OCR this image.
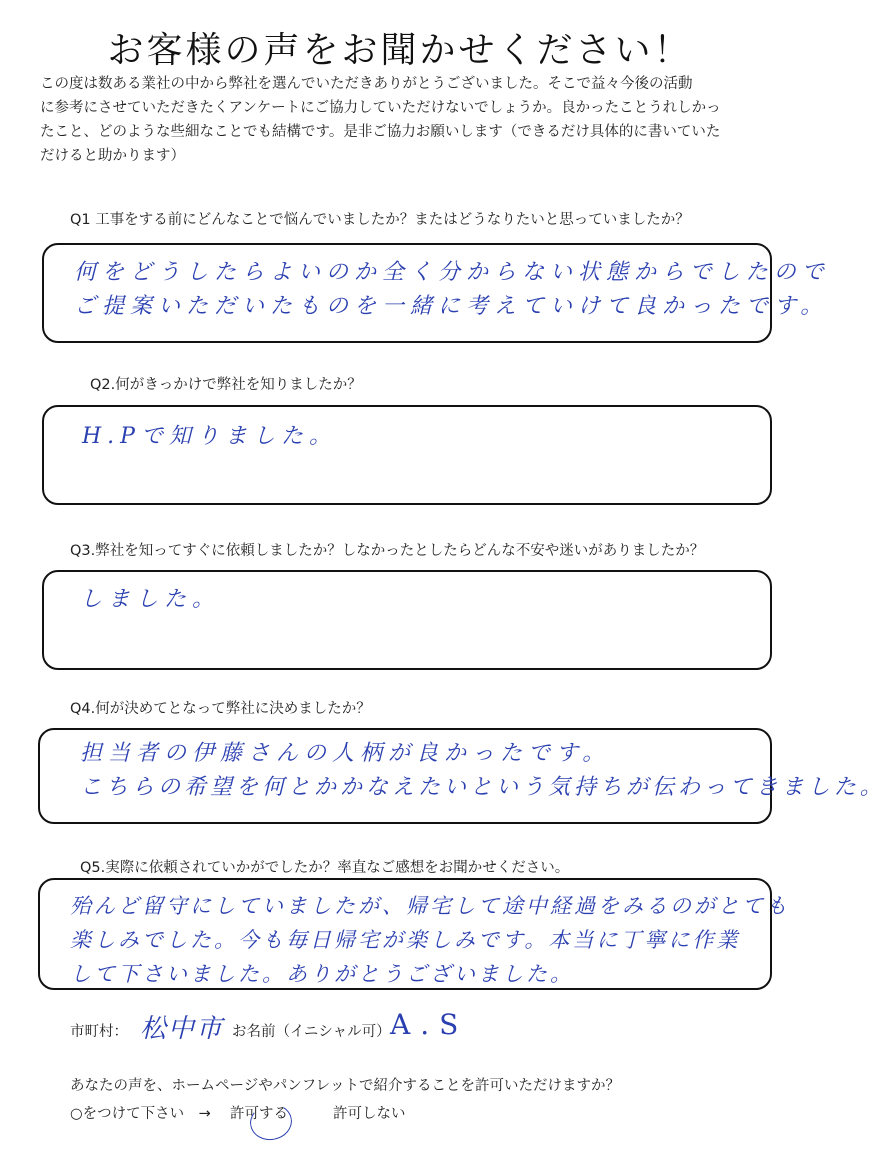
お客様の声をお聞かせください！
この度は数ある業社の中から弊社を選んでいただきありがとうございました。そこで益々今後の活動
に参考にさせていただきたくアンケートにご協力していただけないでしょうか。良かったことうれしかっ
たこと、どのような些細なことでも結構です。是非ご協力お願いします（できるだけ具体的に書いていた
だけると助かります）
Q1 工事をする前にどんなことで悩んでいましたか？またはどうなりたいと思っていましたか？
何をどうしたらよいのか全く分からない状態からでしたので
ご提案いただいたものを一緒に考えていけて良かったです。
Q2.何がきっかけで弊社を知りましたか？
H.Pで知りました。
Q3.弊社を知ってすぐに依頼しましたか？しなかったとしたらどんな不安や迷いがありましたか？
しました。
Q4.何が決めてとなって弊社に決めましたか？
担当者の伊藤さんの人柄が良かったです。
こちらの希望を何とかかなえたいという気持ちが伝わってきました。
Q5.実際に依頼されていかがでしたか？率直なご感想をお聞かせください。
殆んど留守にしていましたが、帰宅して途中経過をみるのがとても
楽しみでした。今も毎日帰宅が楽しみです。本当に丁寧に作業
して下さいました。ありがとうございました。
市町村： 松中市 お名前（イニシャル可） A.S
あなたの声を、ホームページやパンフレットで紹介することを許可いただけますか？
○をつけて下さい　→ 許可する	許可しない
